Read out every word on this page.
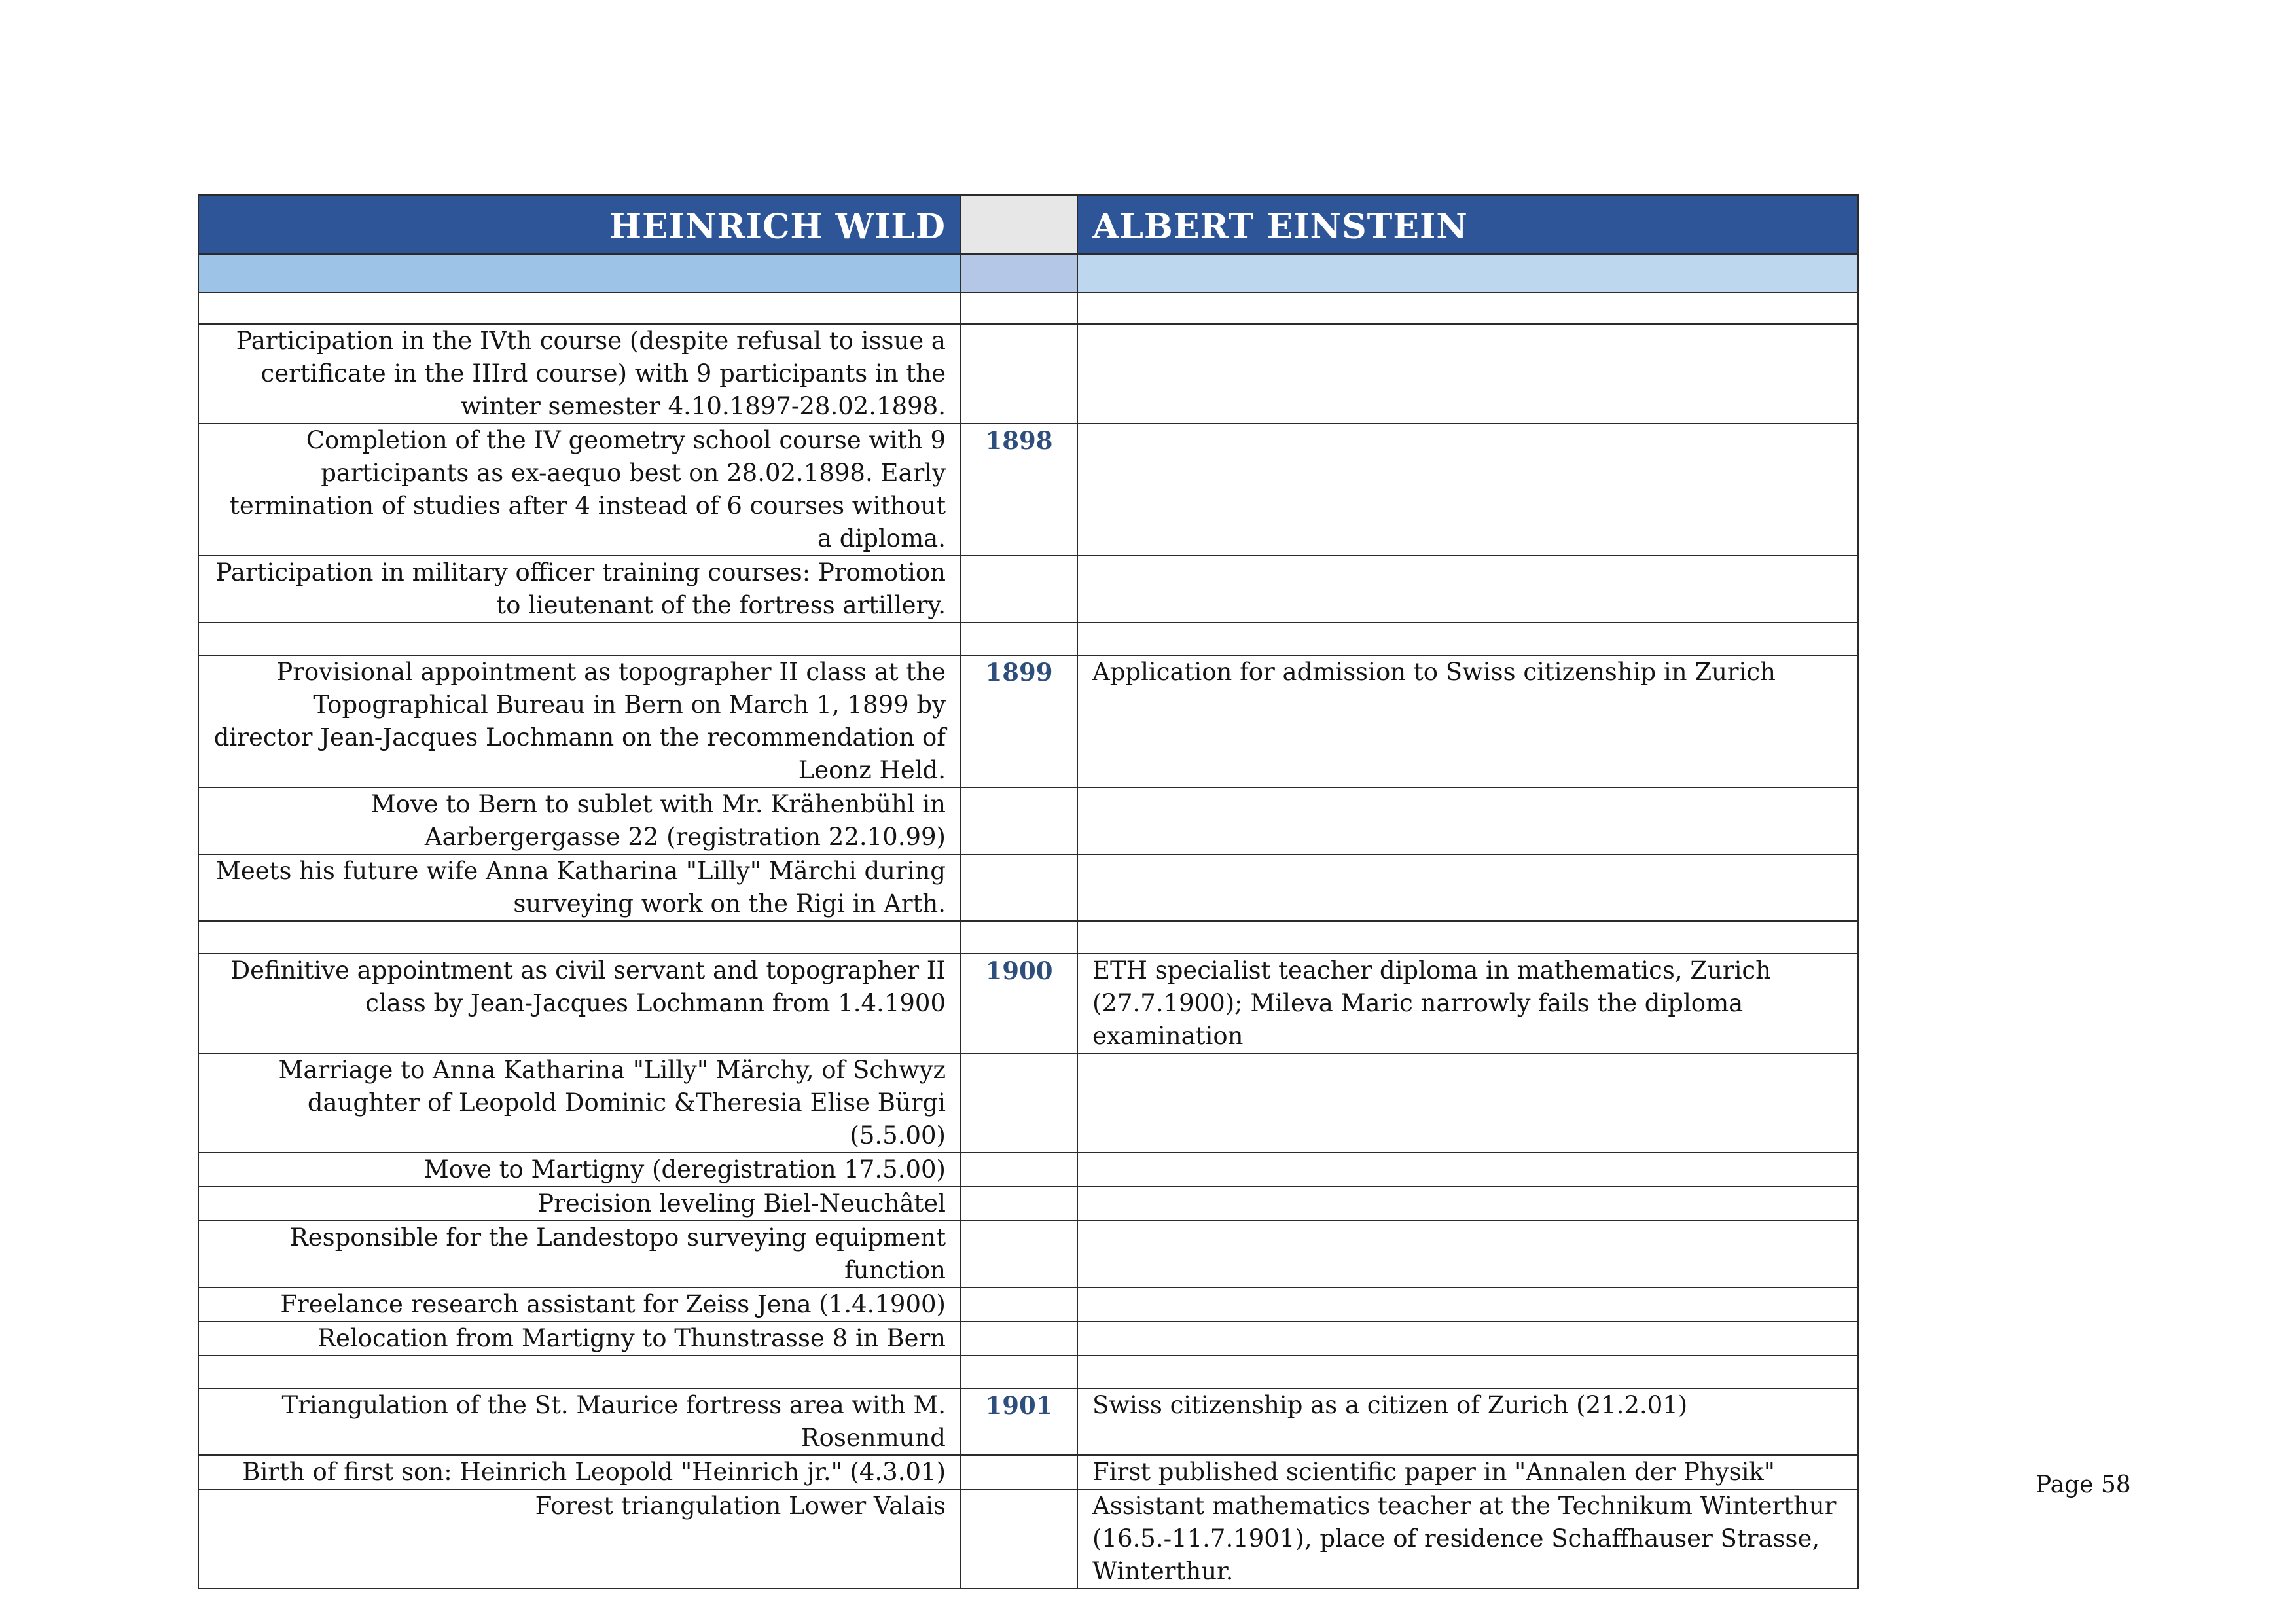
HEINRICH WILD		ALBERT EINSTEIN

Participation in the IVth course (despite refusal to issue a certificate in the IIIrd course) with 9 participants in the winter semester 4.10.1897-28.02.1898.		
Completion of the IV geometry school course with 9 participants as ex-aequo best on 28.02.1898. Early termination of studies after 4 instead of 6 courses without a diploma.	1898	
Participation in military officer training courses: Promotion to lieutenant of the fortress artillery.		

Provisional appointment as topographer II class at the Topographical Bureau in Bern on March 1, 1899 by director Jean-Jacques Lochmann on the recommendation of Leonz Held.	1899	Application for admission to Swiss citizenship in Zurich
Move to Bern to sublet with Mr. Krähenbühl in Aarbergergasse 22 (registration 22.10.99)		
Meets his future wife Anna Katharina "Lilly" Märchi during surveying work on the Rigi in Arth.		

Definitive appointment as civil servant and topographer II class by Jean-Jacques Lochmann from 1.4.1900	1900	ETH specialist teacher diploma in mathematics, Zurich (27.7.1900); Mileva Maric narrowly fails the diploma examination
Marriage to Anna Katharina "Lilly" Märchy, of Schwyz daughter of Leopold Dominic &Theresia Elise Bürgi (5.5.00)		
Move to Martigny (deregistration 17.5.00)		
Precision leveling Biel-Neuchâtel		
Responsible for the Landestopo surveying equipment function		
Freelance research assistant for Zeiss Jena (1.4.1900)		
Relocation from Martigny to Thunstrasse 8 in Bern		

Triangulation of the St. Maurice fortress area with M. Rosenmund	1901	Swiss citizenship as a citizen of Zurich (21.2.01)
Birth of first son: Heinrich Leopold "Heinrich jr." (4.3.01)		First published scientific paper in "Annalen der Physik"
Forest triangulation Lower Valais		Assistant mathematics teacher at the Technikum Winterthur (16.5.-11.7.1901), place of residence Schaffhauser Strasse, Winterthur.
Page 58
